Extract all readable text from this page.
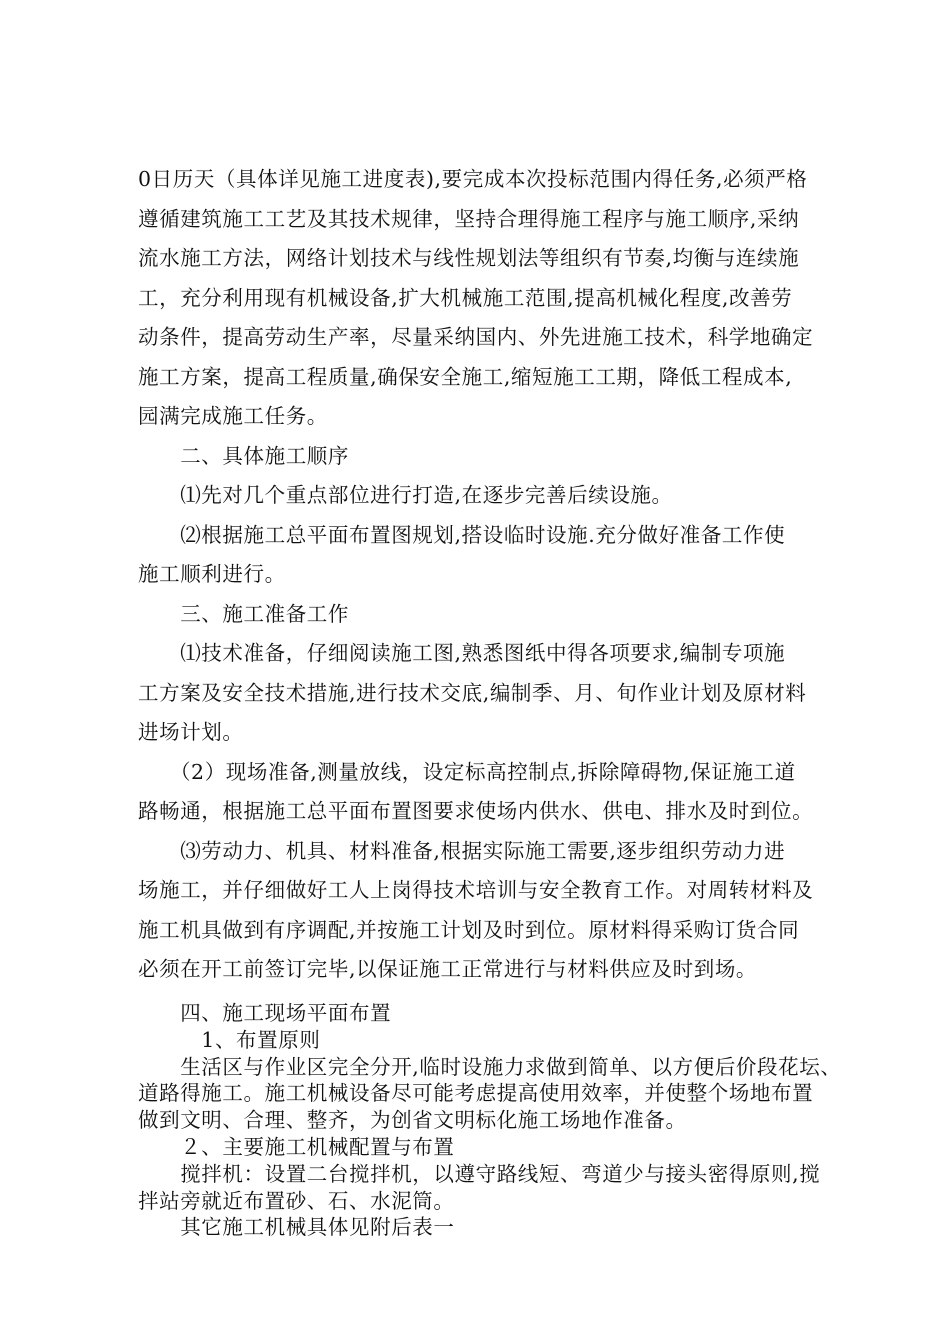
0日历天（具体详见施工进度表),要完成本次投标范围内得任务,必须严格
遵循建筑施工工艺及其技术规律，坚持合理得施工程序与施工顺序,采纳
流水施工方法，网络计划技术与线性规划法等组织有节奏,均衡与连续施
工，充分利用现有机械设备,扩大机械施工范围,提高机械化程度,改善劳
动条件，提高劳动生产率，尽量采纳国内、外先进施工技术，科学地确定
施工方案，提高工程质量,确保安全施工,缩短施工工期，降低工程成本,
园满完成施工任务。
　　二、具体施工顺序
　　⑴先对几个重点部位进行打造,在逐步完善后续设施。
　　⑵根据施工总平面布置图规划,搭设临时设施.充分做好准备工作使
施工顺利进行。
　　三、施工准备工作
　　⑴技术准备，仔细阅读施工图,熟悉图纸中得各项要求,编制专项施
工方案及安全技术措施,进行技术交底,编制季、月、旬作业计划及原材料
进场计划。
　　（2）现场准备,测量放线，设定标高控制点,拆除障碍物,保证施工道
路畅通，根据施工总平面布置图要求使场内供水、供电、排水及时到位。
　　⑶劳动力、机具、材料准备,根据实际施工需要,逐步组织劳动力进
场施工，并仔细做好工人上岗得技术培训与安全教育工作。对周转材料及
施工机具做到有序调配,并按施工计划及时到位。原材料得采购订货合同
必须在开工前签订完毕,以保证施工正常进行与材料供应及时到场。
　　四、施工现场平面布置
　　　1、布置原则
　　生活区与作业区完全分开,临时设施力求做到简单、以方便后价段花坛、
道路得施工。施工机械设备尽可能考虑提高使用效率，并使整个场地布置
做到文明、合理、整齐，为创省文明标化施工场地作准备。
　　２、主要施工机械配置与布置
　　搅拌机：设置二台搅拌机，以遵守路线短、弯道少与接头密得原则,搅
拌站旁就近布置砂、石、水泥筒。
　　其它施工机械具体见附后表一
